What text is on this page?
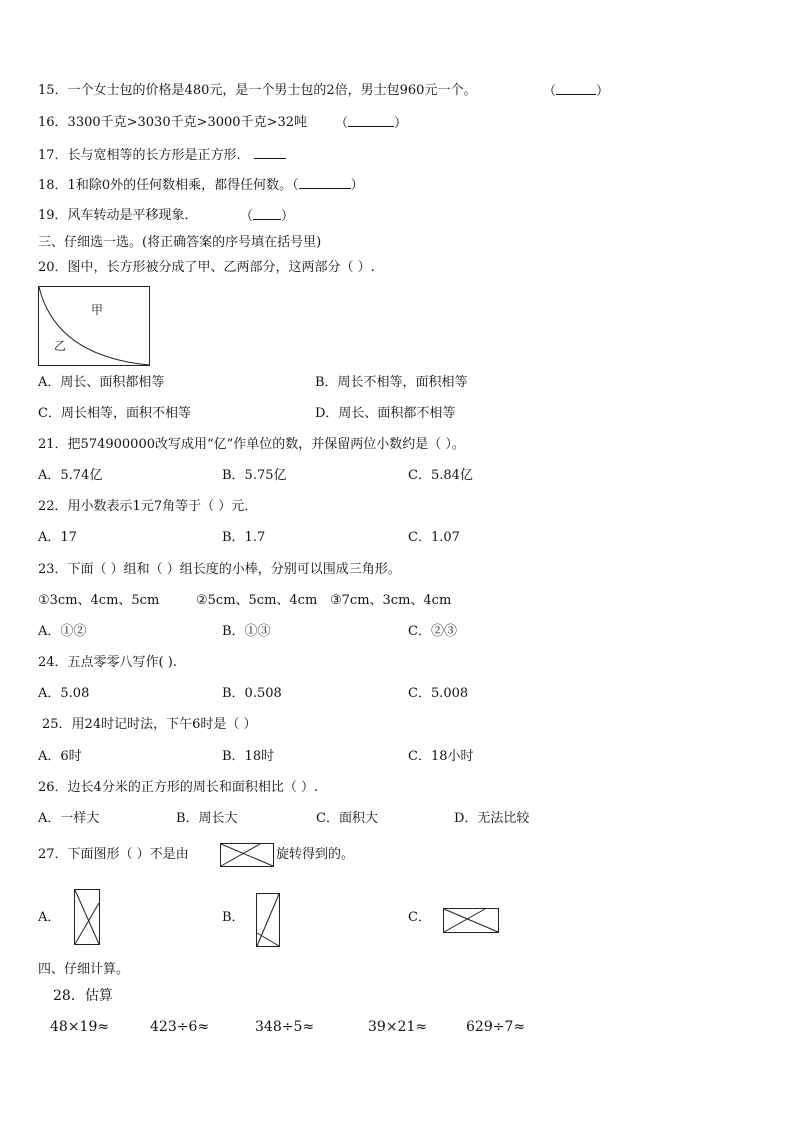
15．一个女士包的价格是480元，是一个男士包的2倍，男士包960元一个。	（	）
16．3300千克>3030千克>3000千克>32吨 （	）
17．长与宽相等的长方形是正方形．
18．1和除0外的任何数相乘，都得任何数。（	）
19．风车转动是平移现象．	（ ）
三、仔细选一选。(将正确答案的序号填在括号里)
20．图中，长方形被分成了甲、乙两部分，这两部分（ ）.
甲
乙
A．周长、面积都相等	B．周长不相等，面积相等
C．周长相等，面积不相等	D．周长、面积都不相等
21．把574900000改写成用“亿”作单位的数，并保留两位小数约是（ ）。
A．5.74亿	B．5.75亿	C．5.84亿
22．用小数表示1元7角等于（ ）元．
A．17	B．1.7	C．1.07
23．下面（ ）组和（ ）组长度的小棒，分别可以围成三角形。
①3cm、4cm、5cm	②5cm、5cm、4cm ③7cm、3cm、4cm
A．①②	B．①③	C．②③
24．五点零零八写作( ).
A．5.08	B．0.508	C．5.008
25．用24时记时法，下午6时是（ ）
A．6时	B．18时	C．18小时
26．边长4分米的正方形的周长和面积相比（ ）.
A．一样大	B．周长大	C．面积大	D．无法比较
27．下面图形（ ）不是由	旋转得到的。
A．	B．	C．
四、仔细计算。
28．估算
48×19≈	423÷6≈	348÷5≈	39×21≈	629÷7≈
